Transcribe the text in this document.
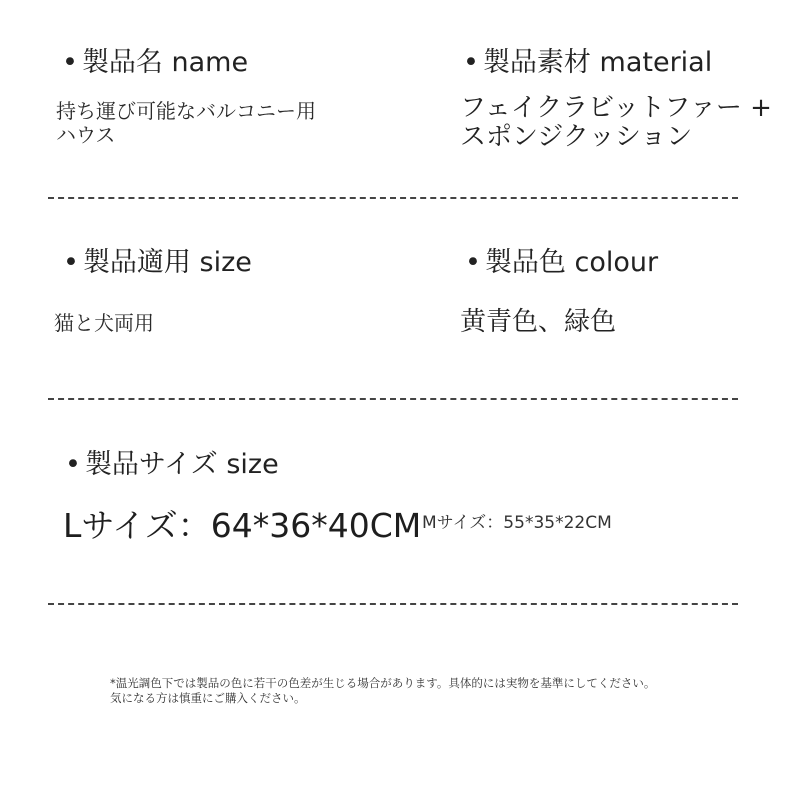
• 製品名 name
持ち運び可能なバルコニー用
ハウス
• 製品素材 material
フェイクラビットファー +
スポンジクッション
• 製品適用 size
猫と犬両用
• 製品色 colour
黄青色、緑色
• 製品サイズ size
Lサイズ：64*36*40CM Mサイズ：55*35*22CM
*温光調色下では製品の色に若干の色差が生じる場合があります。具体的には実物を基準にしてください。
気になる方は慎重にご購入ください。
